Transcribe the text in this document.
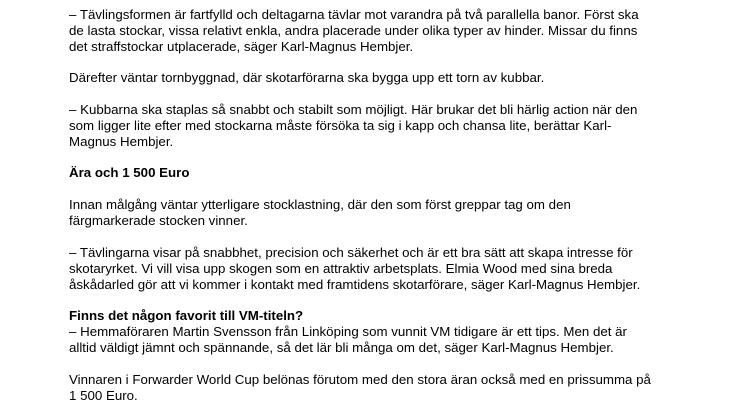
– Tävlingsformen är fartfylld och deltagarna tävlar mot varandra på två parallella banor. Först ska
de lasta stockar, vissa relativt enkla, andra placerade under olika typer av hinder. Missar du finns
det straffstockar utplacerade, säger Karl-Magnus Hembjer.
Därefter väntar tornbyggnad, där skotarförarna ska bygga upp ett torn av kubbar.
– Kubbarna ska staplas så snabbt och stabilt som möjligt. Här brukar det bli härlig action när den
som ligger lite efter med stockarna måste försöka ta sig i kapp och chansa lite, berättar Karl-
Magnus Hembjer.
Ära och 1 500 Euro
Innan målgång väntar ytterligare stocklastning, där den som först greppar tag om den
färgmarkerade stocken vinner.
– Tävlingarna visar på snabbhet, precision och säkerhet och är ett bra sätt att skapa intresse för
skotaryrket. Vi vill visa upp skogen som en attraktiv arbetsplats. Elmia Wood med sina breda
åskådarled gör att vi kommer i kontakt med framtidens skotarförare, säger Karl-Magnus Hembjer.
Finns det någon favorit till VM-titeln?
– Hemmaföraren Martin Svensson från Linköping som vunnit VM tidigare är ett tips. Men det är
alltid väldigt jämnt och spännande, så det lär bli många om det, säger Karl-Magnus Hembjer.
Vinnaren i Forwarder World Cup belönas förutom med den stora äran också med en prissumma på
1 500 Euro.
